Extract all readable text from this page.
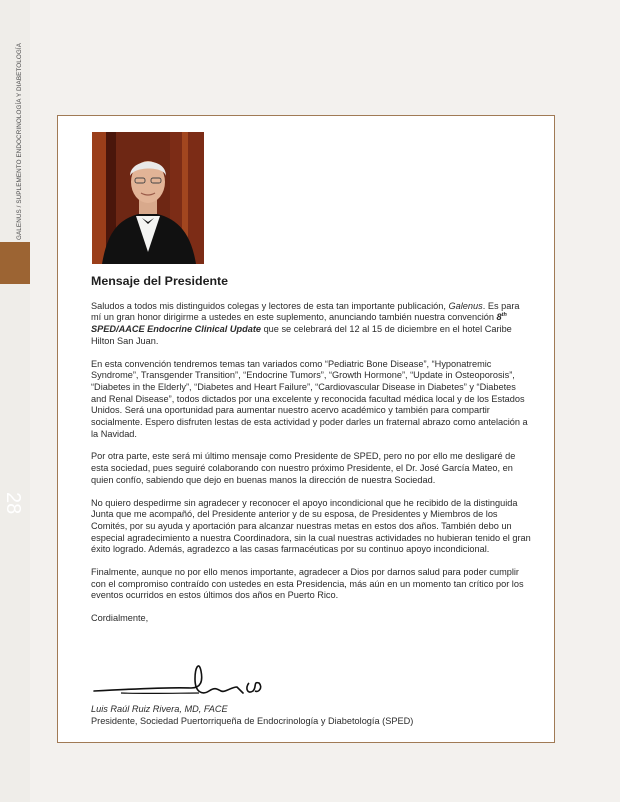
GALENUS / SUPLEMENTO ENDOCRINOLOGÍA Y DIABETOLOGÍA
28
Mensaje del Presidente

Saludos a todos mis distinguidos colegas y lectores de esta tan importante publicación, Galenus. Es para mí un gran honor dirigirme a ustedes en este suplemento, anunciando también nuestra convención 8th SPED/AACE Endocrine Clinical Update que se celebrará del 12 al 15 de diciembre en el hotel Caribe Hilton San Juan.

En esta convención tendremos temas tan variados como “Pediatric Bone Disease”, “Hyponatremic Syndrome”, Transgender Transition”, “Endocrine Tumors”, “Growth Hormone”, “Update in Osteoporosis”, “Diabetes in the Elderly”, “Diabetes and Heart Failure”, “Cardiovascular Disease in Diabetes” y “Diabetes and Renal Disease”, todos dictados por una excelente y reconocida facultad médica local y de los Estados Unidos. Será una oportunidad para aumentar nuestro acervo académico y también para compartir socialmente. Espero disfruten lestas de esta actividad y poder darles un fraternal abrazo como antelación a la Navidad.

Por otra parte, este será mi último mensaje como Presidente de SPED, pero no por ello me desligaré de esta sociedad, pues seguiré colaborando con nuestro próximo Presidente, el Dr. José García Mateo, en quien confío, sabiendo que dejo en buenas manos la dirección de nuestra Sociedad.

No quiero despedirme sin agradecer y reconocer el apoyo incondicional que he recibido de la distinguida Junta que me acompañó, del Presidente anterior y de su esposa, de Presidentes y Miembros de los Comités, por su ayuda y aportación para alcanzar nuestras metas en estos dos años. También debo un especial agradecimiento a nuestra Coordinadora, sin la cual nuestras actividades no hubieran tenido el gran éxito logrado. Además, agradezco a las casas farmacéuticas por su continuo apoyo incondicional.

Finalmente, aunque no por ello menos importante, agradecer a Dios por darnos salud para poder cumplir con el compromiso contraído con ustedes en esta Presidencia, más aún en un momento tan crítico por los eventos ocurridos en estos últimos dos años en Puerto Rico.

Cordialmente,

Luis Raúl Ruiz Rivera, MD, FACE
Presidente, Sociedad Puertorriqueña de Endocrinología y Diabetología (SPED)
